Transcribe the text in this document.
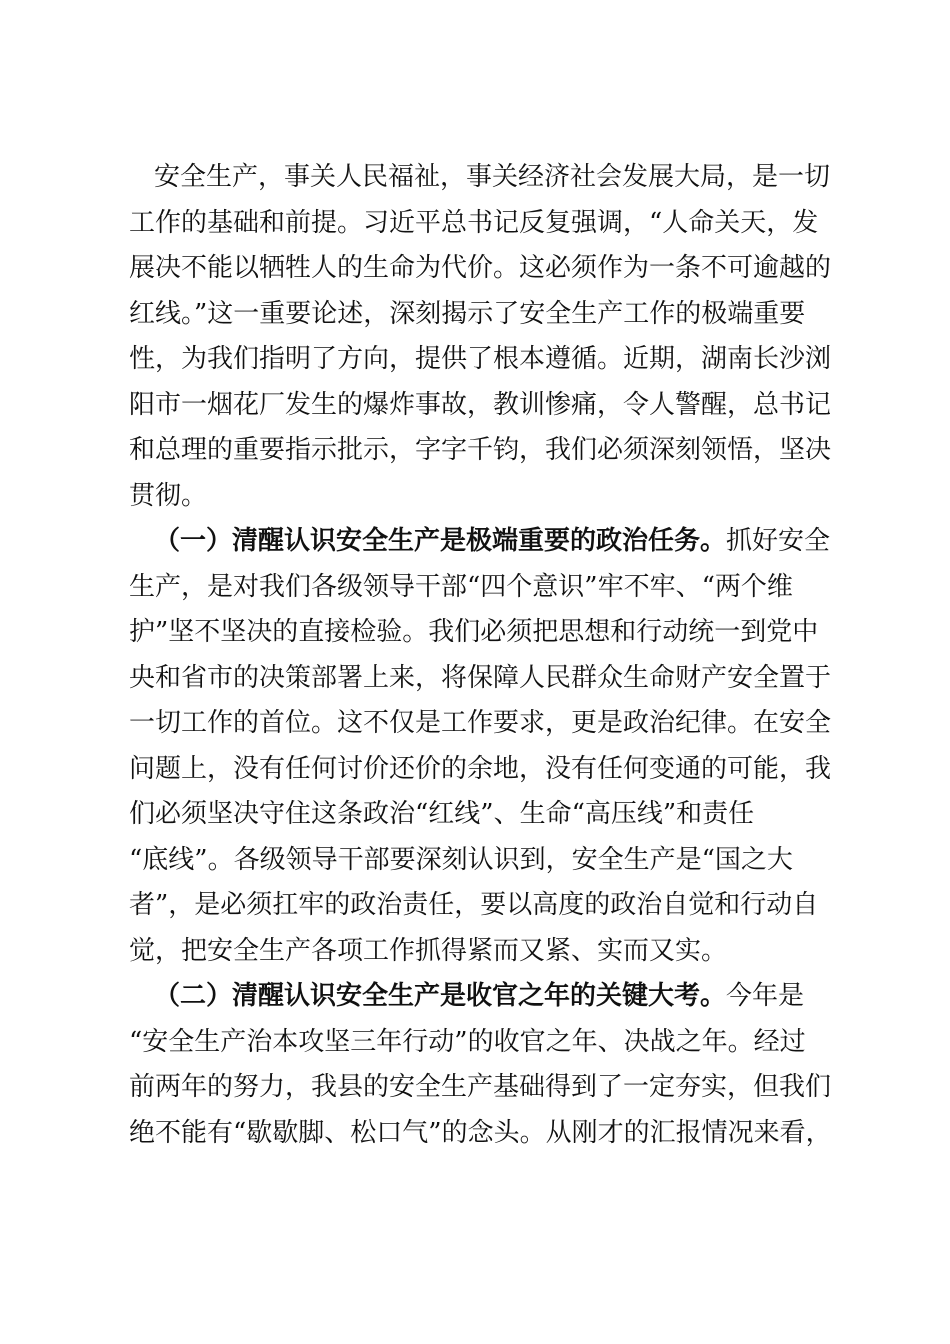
安全生产，事关人民福祉，事关经济社会发展大局，是一切
工作的基础和前提。习近平总书记反复强调，“人命关天，发
展决不能以牺牲人的生命为代价。这必须作为一条不可逾越的
红线。”这一重要论述，深刻揭示了安全生产工作的极端重要
性，为我们指明了方向，提供了根本遵循。近期，湖南长沙浏
阳市一烟花厂发生的爆炸事故，教训惨痛，令人警醒，总书记
和总理的重要指示批示，字字千钧，我们必须深刻领悟，坚决
贯彻。
（一）清醒认识安全生产是极端重要的政治任务。抓好安全
生产，是对我们各级领导干部“四个意识”牢不牢、“两个维
护”坚不坚决的直接检验。我们必须把思想和行动统一到党中
央和省市的决策部署上来，将保障人民群众生命财产安全置于
一切工作的首位。这不仅是工作要求，更是政治纪律。在安全
问题上，没有任何讨价还价的余地，没有任何变通的可能，我
们必须坚决守住这条政治“红线”、生命“高压线”和责任
“底线”。各级领导干部要深刻认识到，安全生产是“国之大
者”，是必须扛牢的政治责任，要以高度的政治自觉和行动自
觉，把安全生产各项工作抓得紧而又紧、实而又实。
（二）清醒认识安全生产是收官之年的关键大考。今年是
“安全生产治本攻坚三年行动”的收官之年、决战之年。经过
前两年的努力，我县的安全生产基础得到了一定夯实，但我们
绝不能有“歇歇脚、松口气”的念头。从刚才的汇报情况来看，
